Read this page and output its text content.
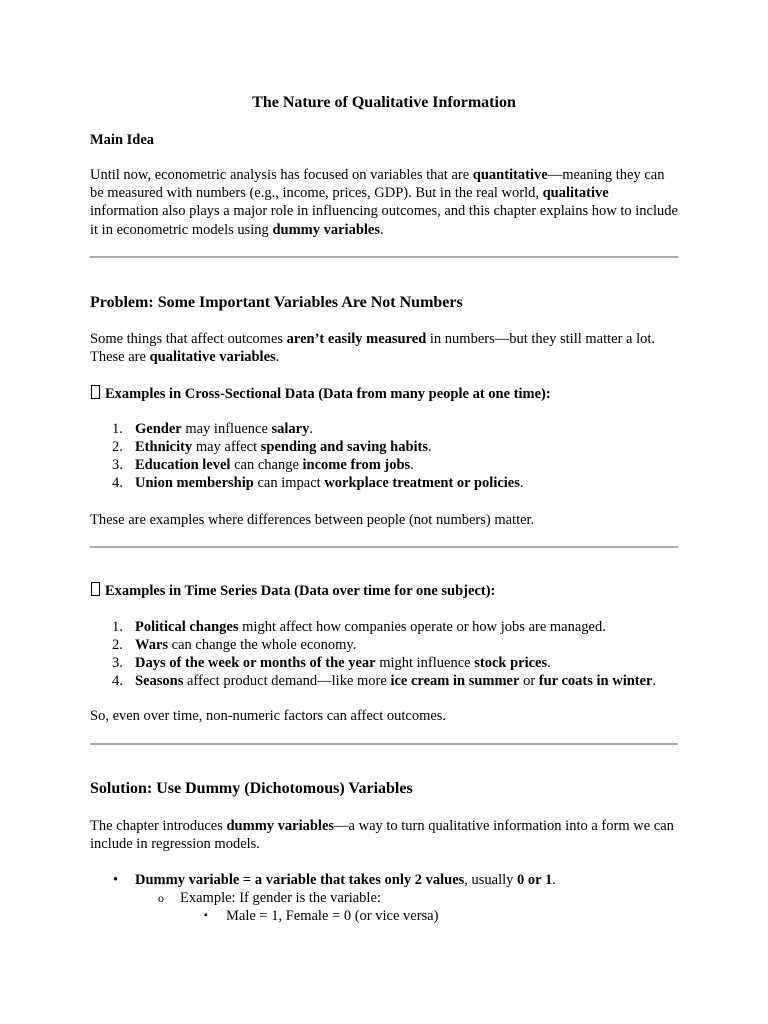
The Nature of Qualitative Information
Main Idea

Until now, econometric analysis has focused on variables that are quantitative—meaning they can be measured with numbers (e.g., income, prices, GDP). But in the real world, qualitative information also plays a major role in influencing outcomes, and this chapter explains how to include it in econometric models using dummy variables.

Problem: Some Important Variables Are Not Numbers

Some things that affect outcomes aren’t easily measured in numbers—but they still matter a lot. These are qualitative variables.

Examples in Cross-Sectional Data (Data from many people at one time):
1. Gender may influence salary.
2. Ethnicity may affect spending and saving habits.
3. Education level can change income from jobs.
4. Union membership can impact workplace treatment or policies.

These are examples where differences between people (not numbers) matter.

Examples in Time Series Data (Data over time for one subject):
1. Political changes might affect how companies operate or how jobs are managed.
2. Wars can change the whole economy.
3. Days of the week or months of the year might influence stock prices.
4. Seasons affect product demand—like more ice cream in summer or fur coats in winter.

So, even over time, non-numeric factors can affect outcomes.

Solution: Use Dummy (Dichotomous) Variables

The chapter introduces dummy variables—a way to turn qualitative information into a form we can include in regression models.

• Dummy variable = a variable that takes only 2 values, usually 0 or 1.
o Example: If gender is the variable:
▪ Male = 1, Female = 0 (or vice versa)
